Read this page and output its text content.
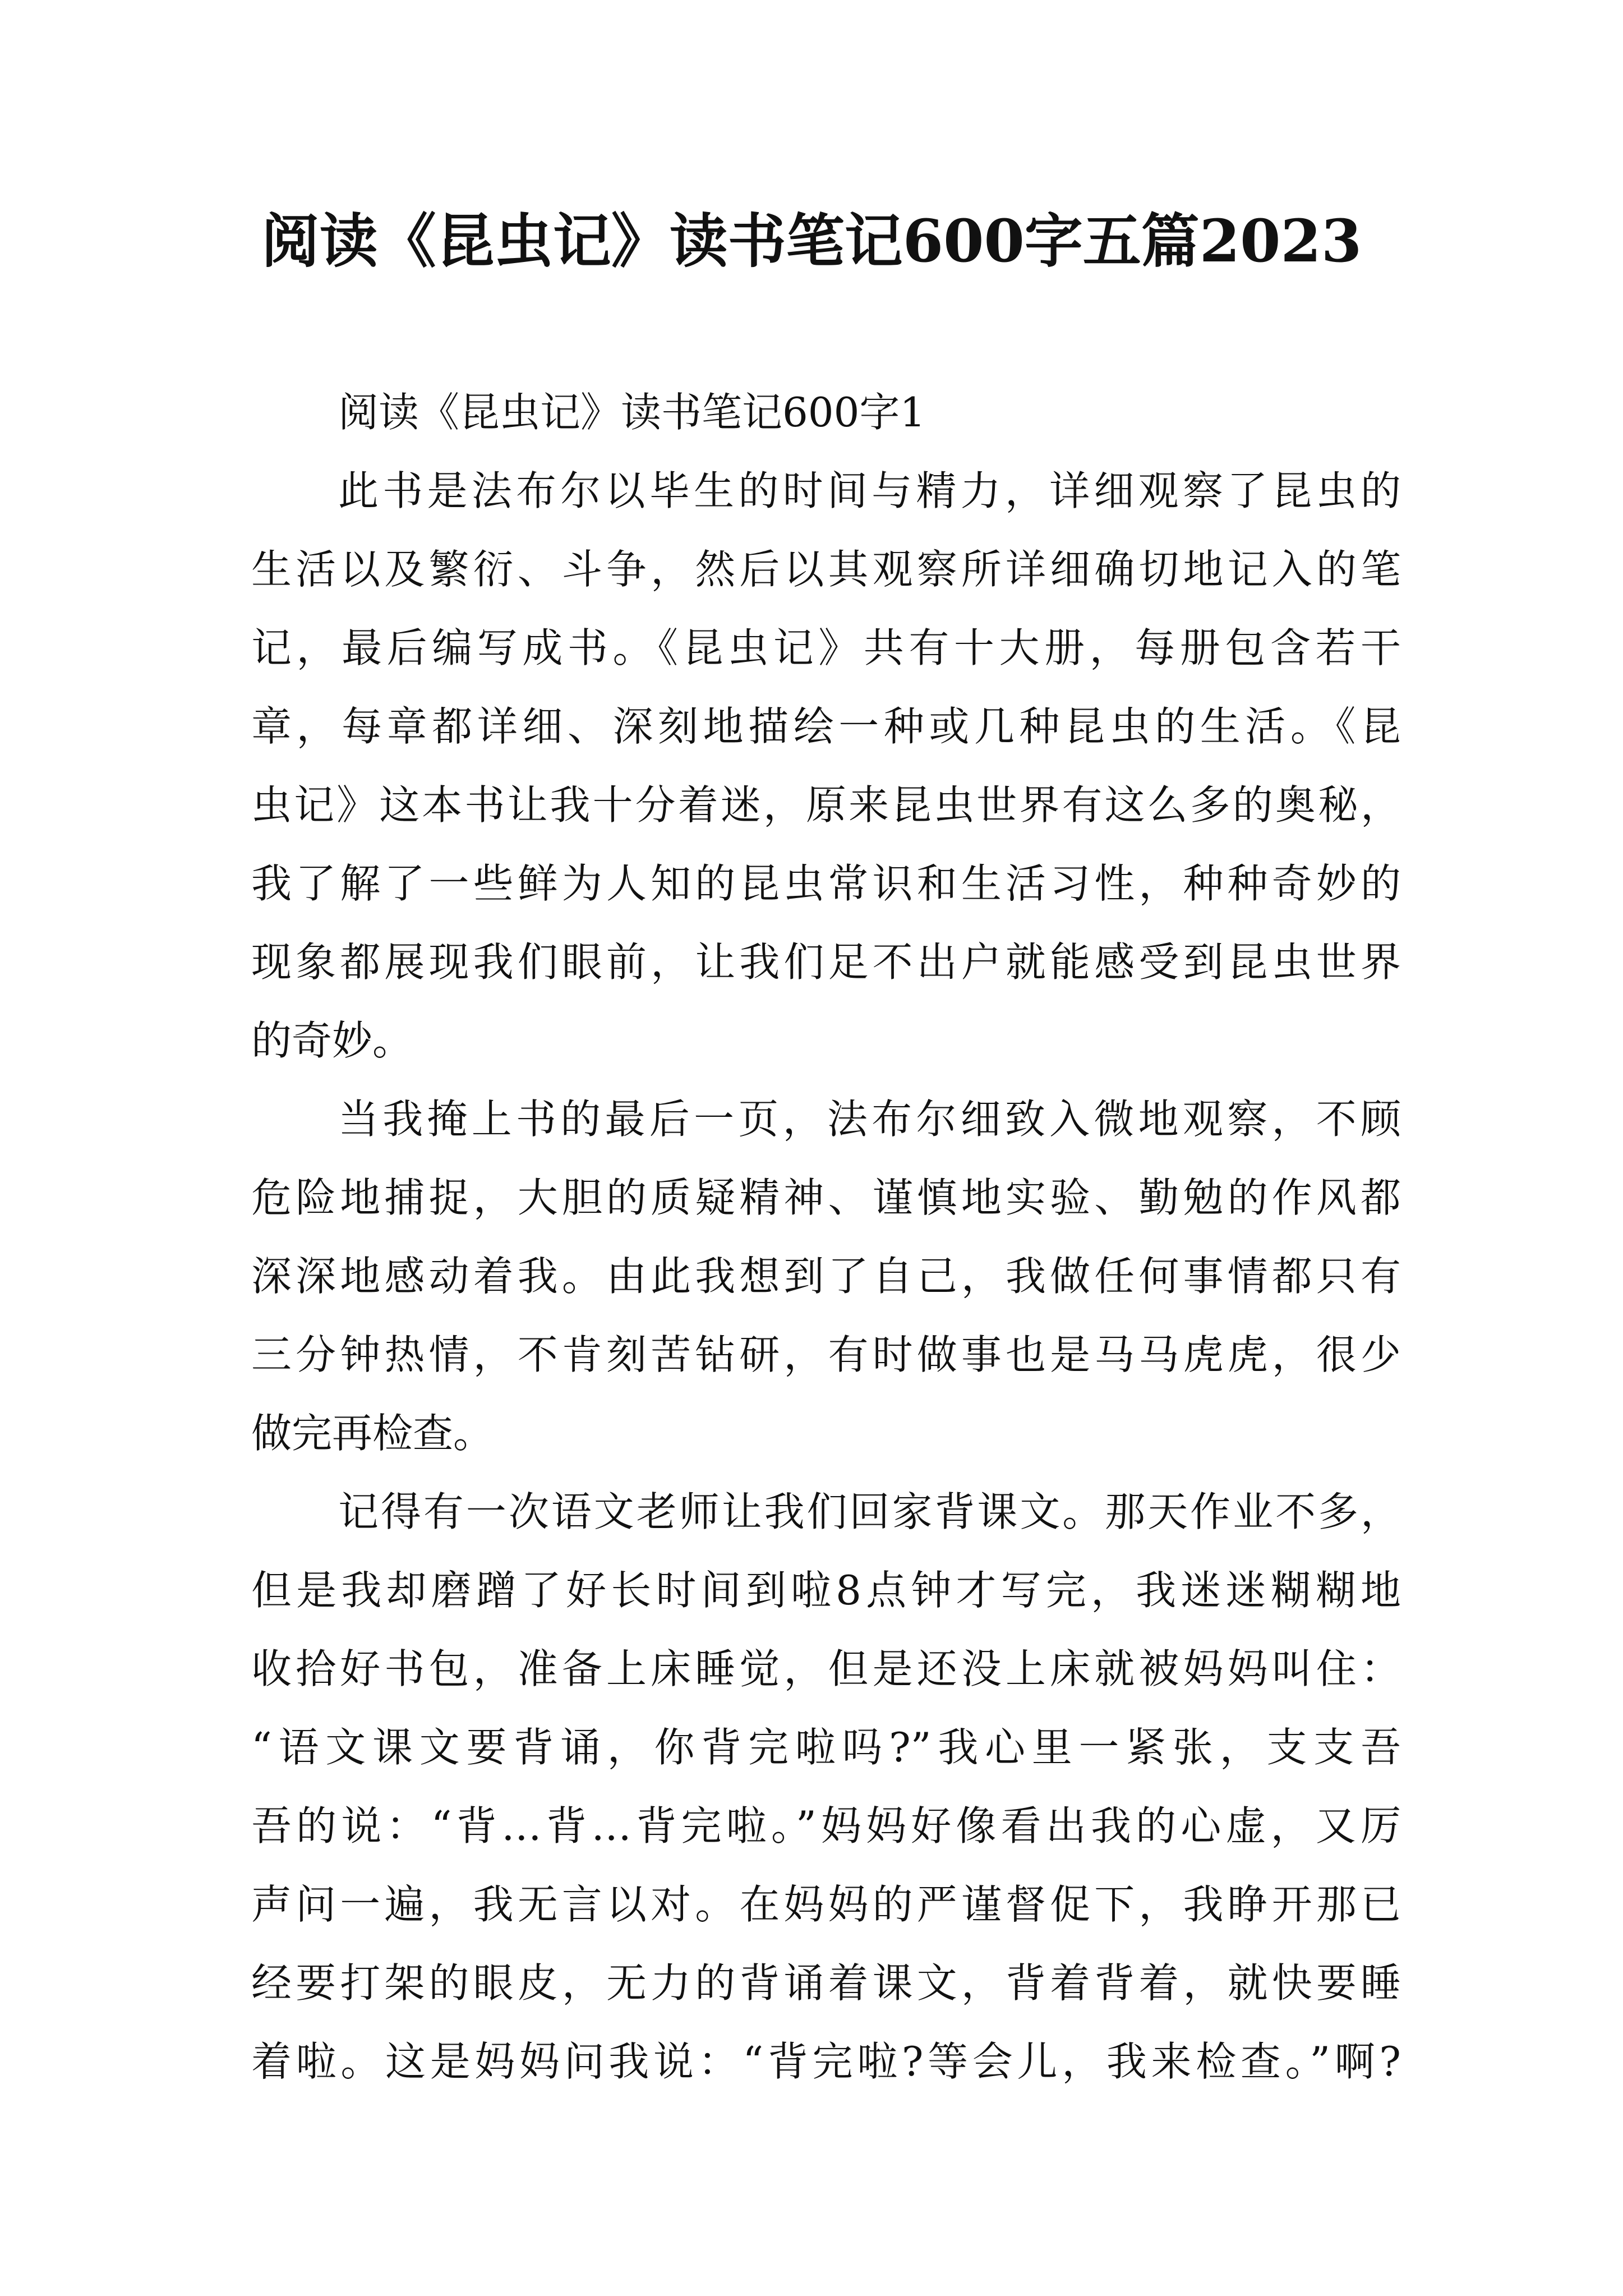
阅读《昆虫记》读书笔记600字五篇2023
阅读《昆虫记》读书笔记600字1
此书是法布尔以毕生的时间与精力，详细观察了昆虫的
生活以及繁衍、斗争，然后以其观察所详细确切地记入的笔
记，最后编写成书。《昆虫记》共有十大册，每册包含若干
章，每章都详细、深刻地描绘一种或几种昆虫的生活。《昆
虫记》这本书让我十分着迷，原来昆虫世界有这么多的奥秘，
我了解了一些鲜为人知的昆虫常识和生活习性，种种奇妙的
现象都展现我们眼前，让我们足不出户就能感受到昆虫世界
的奇妙。
当我掩上书的最后一页，法布尔细致入微地观察，不顾
危险地捕捉，大胆的质疑精神、谨慎地实验、勤勉的作风都
深深地感动着我。由此我想到了自己，我做任何事情都只有
三分钟热情，不肯刻苦钻研，有时做事也是马马虎虎，很少
做完再检查。
记得有一次语文老师让我们回家背课文。那天作业不多，
但是我却磨蹭了好长时间到啦8点钟才写完，我迷迷糊糊地
收拾好书包，准备上床睡觉，但是还没上床就被妈妈叫住：
“语文课文要背诵，你背完啦吗?”我心里一紧张，支支吾
吾的说：“背…背…背完啦。”妈妈好像看出我的心虚，又厉
声问一遍，我无言以对。在妈妈的严谨督促下，我睁开那已
经要打架的眼皮，无力的背诵着课文，背着背着，就快要睡
着啦。这是妈妈问我说：“背完啦?等会儿，我来检查。”啊?
